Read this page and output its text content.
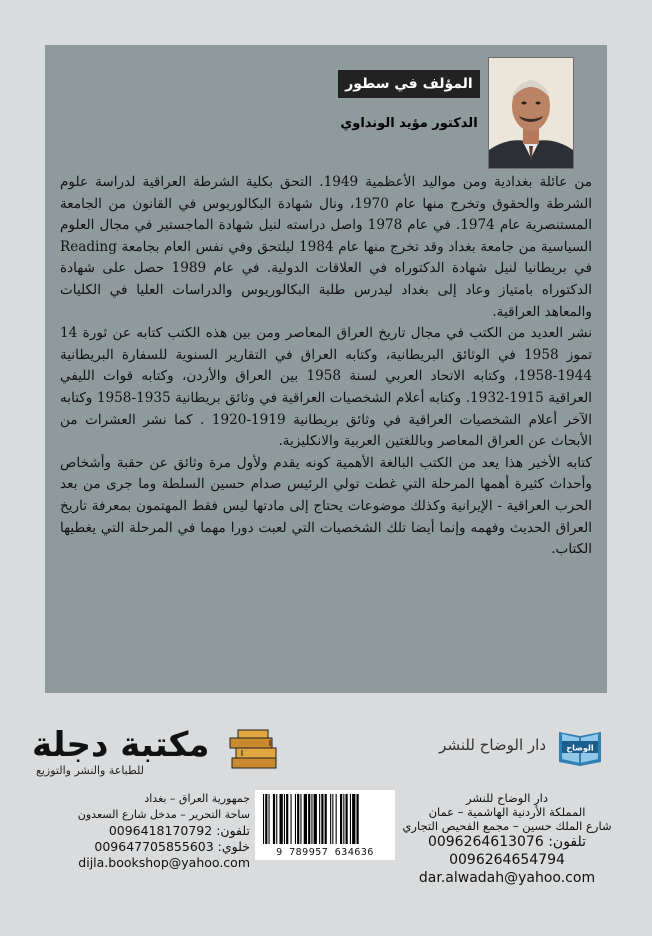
المؤلف في سطور
الدكتور مؤيد الونداوي

من عائلة بغدادية ومن مواليد الأعظمية 1949. التحق بكلية الشرطة العراقية لدراسة علوم الشرطة والحقوق وتخرج منها عام 1970، ونال شهادة البكالوريوس في القانون من الجامعة المستنصرية عام 1974. في عام 1978 واصل دراسته لنيل شهادة الماجستير في مجال العلوم السياسية من جامعة بغداد وقد تخرج منها عام 1984 ليلتحق وفي نفس العام بجامعة Reading في بريطانيا لنيل شهادة الدكتوراه في العلاقات الدولية. في عام 1989 حصل على شهادة الدكتوراه بامتياز وعاد إلى بغداد ليدرس طلبة البكالوريوس والدراسات العليا في الكليات والمعاهد العراقية.

نشر العديد من الكتب في مجال تاريخ العراق المعاصر ومن بين هذه الكتب كتابه عن ثورة 14 تموز 1958 في الوثائق البريطانية، وكتابه العراق في التقارير السنوية للسفارة البريطانية 1944-1958، وكتابه الاتحاد العربي لسنة 1958 بين العراق والأردن، وكتابه قوات الليفي العراقية 1915-1932. وكتابه أعلام الشخصيات العراقية في وثائق بريطانية 1935-1958 وكتابه الآخر أعلام الشخصيات العراقية في وثائق بريطانية 1919-1920 . كما نشر العشرات من الأبحاث عن العراق المعاصر وباللغتين العربية والانكليزية.

كتابه الأخير هذا يعد من الكتب البالغة الأهمية كونه يقدم ولأول مرة وثائق عن حقبة وأشخاص وأحداث كثيرة أهمها المرحلة التي غطت تولي الرئيس صدام حسين السلطة وما جرى من بعد الحرب العراقية - الإيرانية وكذلك موضوعات يحتاج إلى مادتها ليس فقط المهتمون بمعرفة تاريخ العراق الحديث وفهمه وإنما أيضا تلك الشخصيات التي لعبت دورا مهما في المرحلة التي يغطيها الكتاب.

الوضاح
دار الوضاح للنشر
مكتبة دجلة
للطباعة والنشر والتوزيع
9 789957 634636
دار الوضاح للنشر
المملكة الأردنية الهاشمية – عمان
شارع الملك حسين – مجمع الفحيص التجاري
تلفون: 0096264613076
0096264654794
dar.alwadah@yahoo.com
جمهورية العراق – بغداد
ساحة التحرير – مدخل شارع السعدون
تلفون: 0096418170792
خلوي: 009647705855603
dijla.bookshop@yahoo.com
